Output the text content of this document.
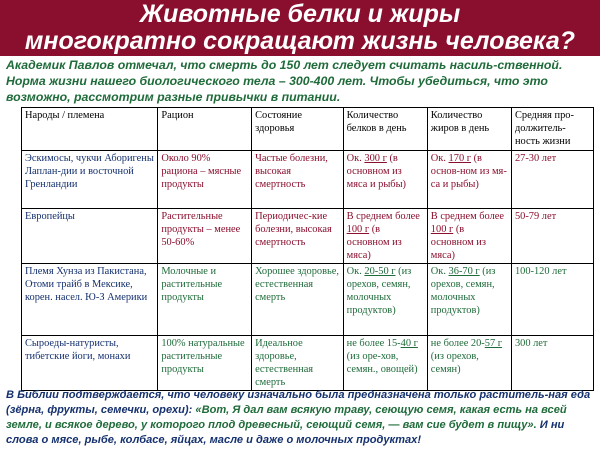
Животные белки и жиры
многократно сокращают жизнь человека?
Академик Павлов отмечал, что смерть до 150 лет следует считать насиль-ственной. Норма жизни нашего биологического тела – 300-400 лет. Чтобы убедиться, что это возможно, рассмотрим разные привычки в питании.
Народы / племена	Рацион	Состояние здоровья	Количество белков в день	Количество жиров в день	Средняя про-должитель-ность жизни
Эскимосы, чукчи Аборигены Лаплан-дии и восточной Гренландии	Около 90% рациона – мясные продукты	Частые болезни, высокая смертность	Ок. 300 г (в основном из мяса и рыбы)	Ок. 170 г (в основ-ном из мя-са и рыбы)	27-30 лет
Европейцы	Растительные продукты – менее 50-60%	Периодичес-кие болезни, высокая смертность	В среднем более 100 г (в основном из мяса)	В среднем более 100 г (в основном из мяса)	50-79 лет
Племя Хунза из Пакистана, Отоми трайб в Мексике, корен. насел. Ю-З Америки	Молочные и растительные продукты	Хорошее здоровье, естественная смерть	Ок. 20-50 г (из орехов, семян, молочных продуктов)	Ок. 36-70 г (из орехов, семян, молочных продуктов)	100-120 лет
Сыроеды-натуристы, тибетские йоги, монахи	100% натуральные растительные продукты	Идеальное здоровье, естественная смерть	не более 15-40 г (из оре-хов, семян., овощей)	не более 20-57 г (из орехов, семян)	300 лет
В Библии подтверждается, что человеку изначально была предназначена только раститель-ная еда (зёрна, фрукты, семечки, орехи): «Вот, Я дал вам всякую траву, сеющую семя, какая есть на всей земле, и всякое дерево, у которого плод древесный, сеющий семя, — вам сие будет в пищу». И ни слова о мясе, рыбе, колбасе, яйцах, масле и даже о молочных продуктах!
